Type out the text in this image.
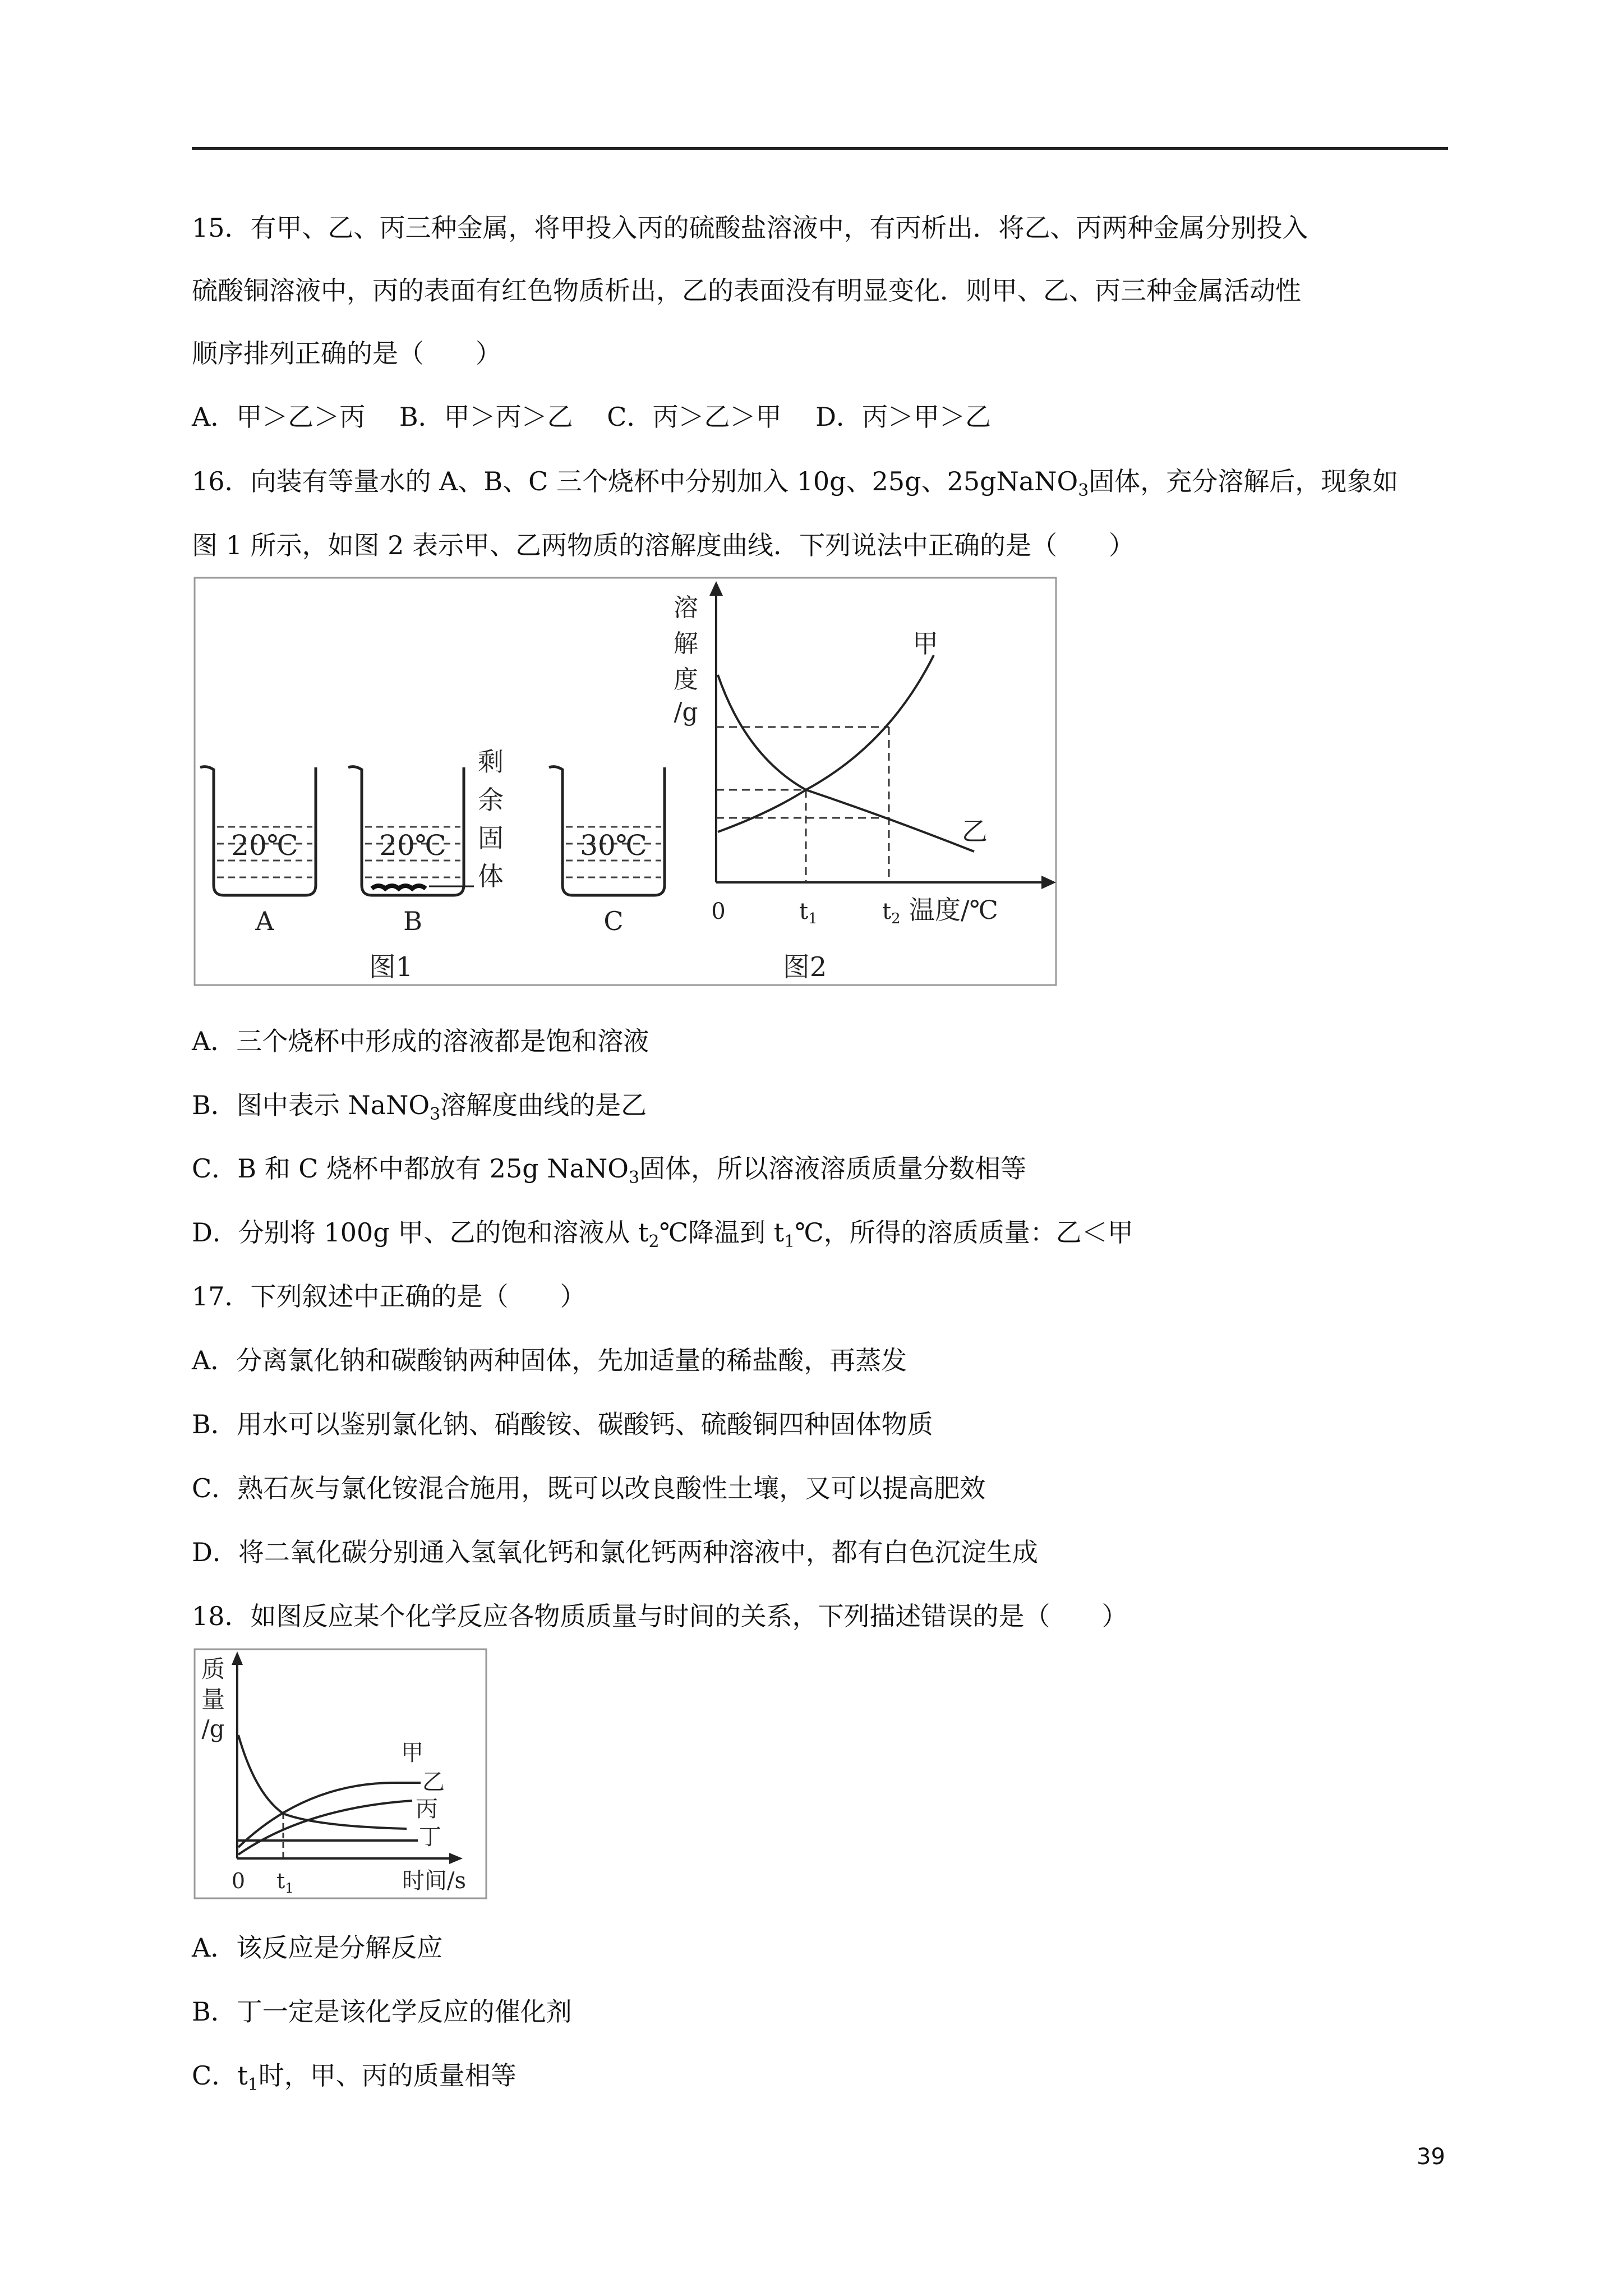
15．有甲、乙、丙三种金属，将甲投入丙的硫酸盐溶液中，有丙析出．将乙、丙两种金属分别投入
硫酸铜溶液中，丙的表面有红色物质析出，乙的表面没有明显变化．则甲、乙、丙三种金属活动性
顺序排列正确的是（　　）
A．甲＞乙＞丙　 B．甲＞丙＞乙　 C．丙＞乙＞甲　 D．丙＞甲＞乙
16．向装有等量水的 A、B、C 三个烧杯中分别加入 10g、25g、25gNaNO$_3$固体，充分溶解后，现象如
图 1 所示，如图 2 表示甲、乙两物质的溶解度曲线．下列说法中正确的是（　　）
20℃
A
20℃
B
剩
余
固
体
30℃
C
图1
溶
解
度
/g
甲
乙
0	$t_1$	$t_2$ 温度/℃
图2
A．三个烧杯中形成的溶液都是饱和溶液
B．图中表示 NaNO$_3$溶解度曲线的是乙
C．B 和 C 烧杯中都放有 25g NaNO$_3$固体，所以溶液溶质质量分数相等
D．分别将 100g 甲、乙的饱和溶液从 $t_2℃$降温到 $t_1℃$，所得的溶质质量：乙＜甲
17．下列叙述中正确的是（　　）
A．分离氯化钠和碳酸钠两种固体，先加适量的稀盐酸，再蒸发
B．用水可以鉴别氯化钠、硝酸铵、碳酸钙、硫酸铜四种固体物质
C．熟石灰与氯化铵混合施用，既可以改良酸性土壤，又可以提高肥效
D．将二氧化碳分别通入氢氧化钙和氯化钙两种溶液中，都有白色沉淀生成
18．如图反应某个化学反应各物质质量与时间的关系，下列描述错误的是（　　）
质
量
/g
甲
乙
丙
丁
0 $t_1$	时间/s
A．该反应是分解反应
B．丁一定是该化学反应的催化剂
C．$t_1$时，甲、丙的质量相等
39
